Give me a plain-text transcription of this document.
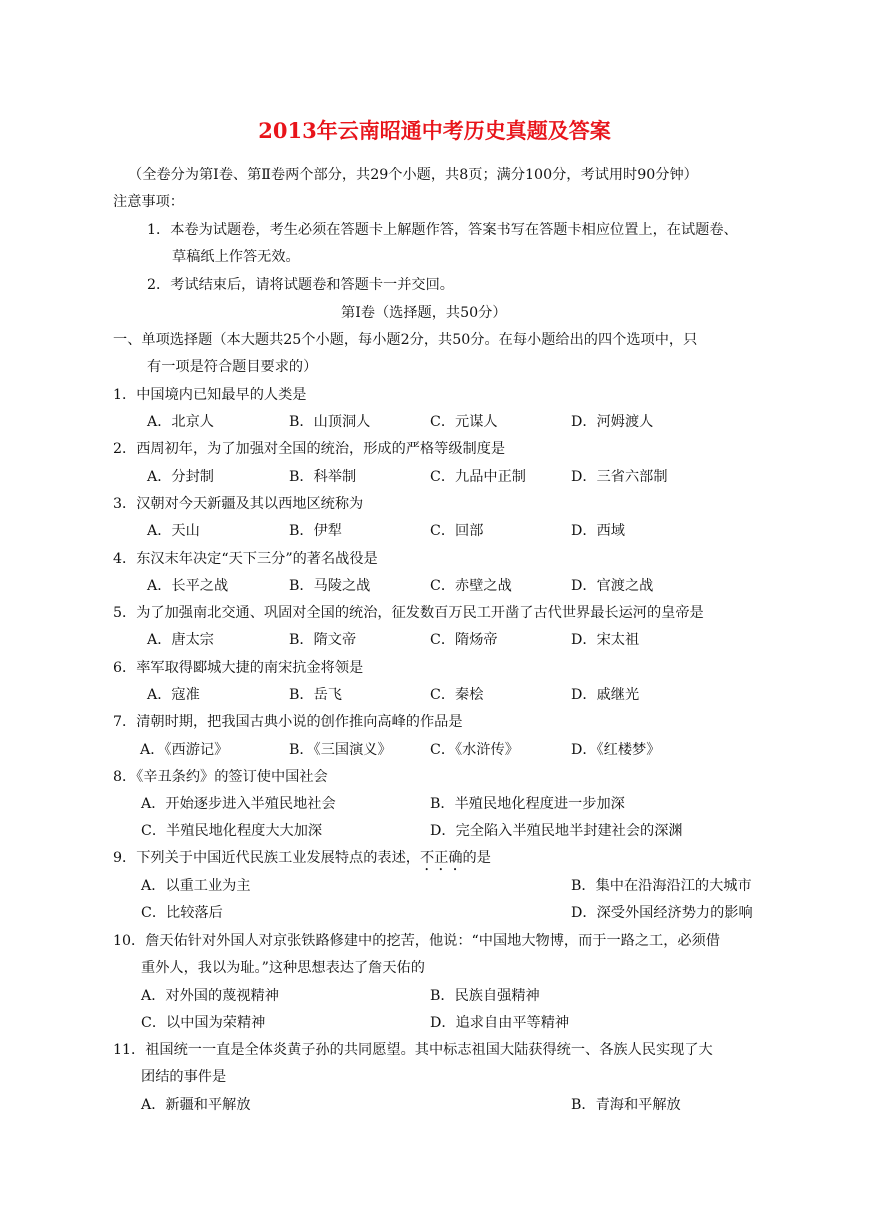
2013年云南昭通中考历史真题及答案
（全卷分为第Ⅰ卷、第Ⅱ卷两个部分，共29个小题，共8页；满分100分，考试用时90分钟）
注意事项：
1．本卷为试题卷，考生必须在答题卡上解题作答，答案书写在答题卡相应位置上，在试题卷、
草稿纸上作答无效。
2．考试结束后，请将试题卷和答题卡一并交回。
第Ⅰ卷（选择题，共50分）
一、单项选择题（本大题共25个小题，每小题2分，共50分。在每小题给出的四个选项中，只
有一项是符合题目要求的）
1．中国境内已知最早的人类是
A．北京人	B．山顶洞人	C．元谋人	D．河姆渡人
2．西周初年，为了加强对全国的统治，形成的严格等级制度是
A．分封制	B．科举制	C．九品中正制	D．三省六部制
3．汉朝对今天新疆及其以西地区统称为
A．天山	B．伊犁	C．回部	D．西域
4．东汉末年决定“天下三分”的著名战役是
A．长平之战	B．马陵之战	C．赤壁之战	D．官渡之战
5．为了加强南北交通、巩固对全国的统治，征发数百万民工开凿了古代世界最长运河的皇帝是
A．唐太宗	B．隋文帝	C．隋炀帝	D．宋太祖
6．率军取得郾城大捷的南宋抗金将领是
A．寇准	B．岳飞	C．秦桧	D．戚继光
7．清朝时期，把我国古典小说的创作推向高峰的作品是
A．《西游记》	B．《三国演义》	C．《水浒传》	D．《红楼梦》
8．《辛丑条约》的签订使中国社会
A．开始逐步进入半殖民地社会	B．半殖民地化程度进一步加深
C．半殖民地化程度大大加深	D．完全陷入半殖民地半封建社会的深渊
9．下列关于中国近代民族工业发展特点的表述，不正确的是
A．以重工业为主	B．集中在沿海沿江的大城市
C．比较落后	D．深受外国经济势力的影响
10．詹天佑针对外国人对京张铁路修建中的挖苦，他说：“中国地大物博，而于一路之工，必须借
重外人，我以为耻。”这种思想表达了詹天佑的
A．对外国的蔑视精神	B．民族自强精神
C．以中国为荣精神	D．追求自由平等精神
11．祖国统一一直是全体炎黄子孙的共同愿望。其中标志祖国大陆获得统一、各族人民实现了大
团结的事件是
A．新疆和平解放	B．青海和平解放
